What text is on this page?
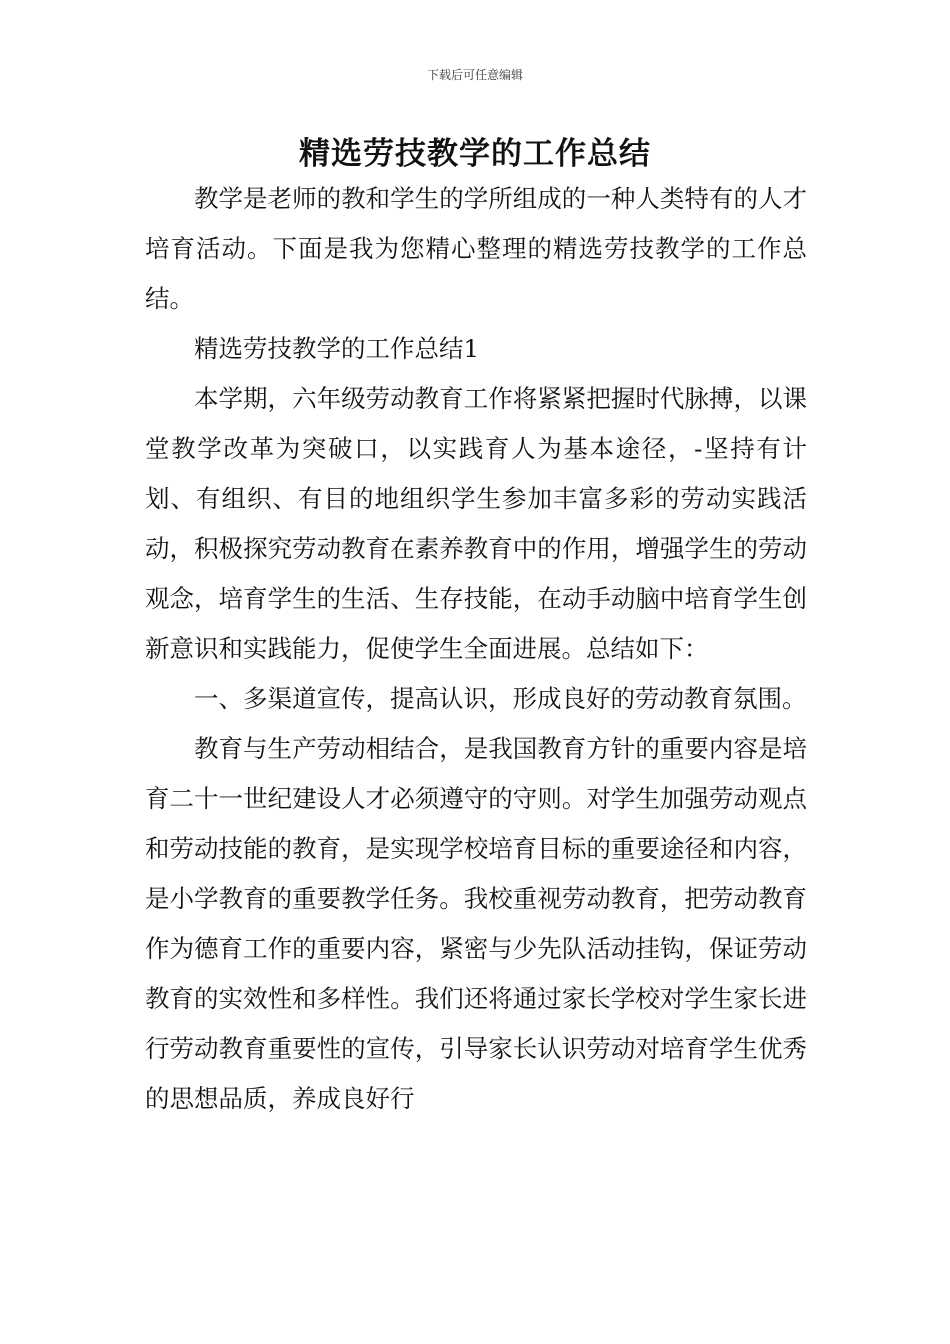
下载后可任意编辑
精选劳技教学的工作总结

教学是老师的教和学生的学所组成的一种人类特有的人才培育活动。下面是我为您精心整理的精选劳技教学的工作总结。

精选劳技教学的工作总结1

本学期，六年级劳动教育工作将紧紧把握时代脉搏，以课堂教学改革为突破口，以实践育人为基本途径，-坚持有计划、有组织、有目的地组织学生参加丰富多彩的劳动实践活动，积极探究劳动教育在素养教育中的作用，增强学生的劳动观念，培育学生的生活、生存技能，在动手动脑中培育学生创新意识和实践能力，促使学生全面进展。总结如下：

一、多渠道宣传，提高认识，形成良好的劳动教育氛围。

教育与生产劳动相结合，是我国教育方针的重要内容是培育二十一世纪建设人才必须遵守的守则。对学生加强劳动观点和劳动技能的教育，是实现学校培育目标的重要途径和内容，是小学教育的重要教学任务。我校重视劳动教育，把劳动教育作为德育工作的重要内容，紧密与少先队活动挂钩，保证劳动教育的实效性和多样性。我们还将通过家长学校对学生家长进行劳动教育重要性的宣传，引导家长认识劳动对培育学生优秀的思想品质，养成良好行
